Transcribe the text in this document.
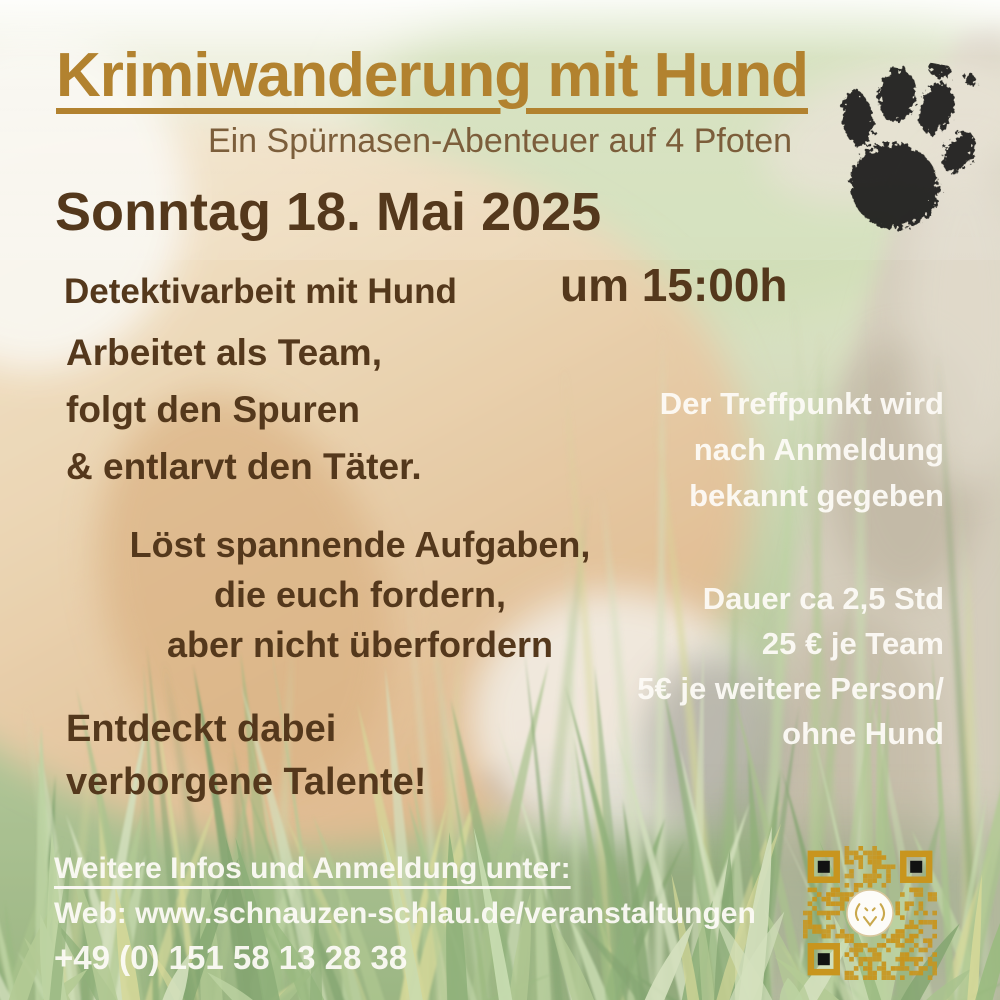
Krimiwanderung mit Hund
Ein Spürnasen-Abenteuer auf 4 Pfoten
Sonntag 18. Mai 2025
Detektivarbeit mit Hund um 15:00h
Arbeitet als Team,
folgt den Spuren
& entlarvt den Täter.
Der Treffpunkt wird
nach Anmeldung
bekannt gegeben
Löst spannende Aufgaben,
die euch fordern,
aber nicht überfordern
Dauer ca 2,5 Std
25 € je Team
5€ je weitere Person/
ohne Hund
Entdeckt dabei
verborgene Talente!
Weitere Infos und Anmeldung unter:
Web: www.schnauzen-schlau.de/veranstaltungen
+49 (0) 151 58 13 28 38
